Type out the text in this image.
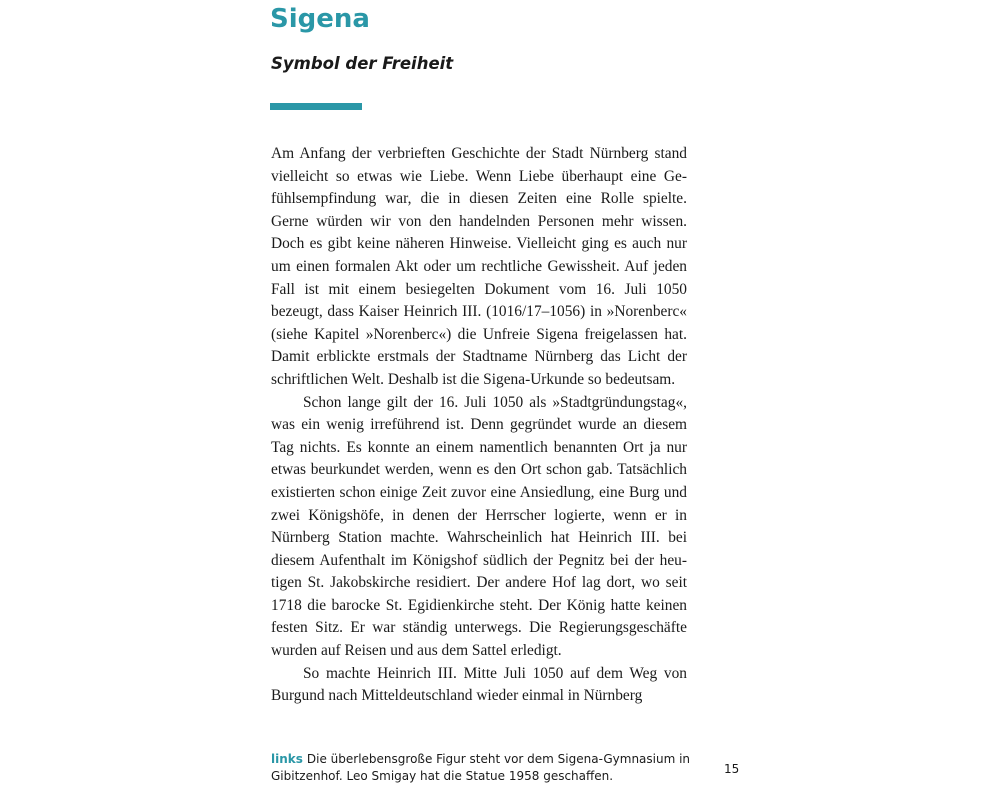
Sigena
Symbol der Freiheit

Am Anfang der verbrieften Geschichte der Stadt Nürnberg stand vielleicht so etwas wie Liebe. Wenn Liebe überhaupt eine Gefühlsempfindung war, die in diesen Zeiten eine Rolle spielte. Gerne würden wir von den handelnden Personen mehr wissen. Doch es gibt keine näheren Hinweise. Vielleicht ging es auch nur um einen formalen Akt oder um rechtliche Gewissheit. Auf jeden Fall ist mit einem besiegelten Dokument vom 16. Juli 1050 bezeugt, dass Kaiser Heinrich III. (1016/17–1056) in »Norenberc« (siehe Kapitel »Norenberc«) die Unfreie Sigena freigelassen hat. Damit erblickte erstmals der Stadtname Nürnberg das Licht der schriftlichen Welt. Deshalb ist die Sigena-Urkunde so bedeutsam.

Schon lange gilt der 16. Juli 1050 als »Stadtgründungstag«, was ein wenig irreführend ist. Denn gegründet wurde an diesem Tag nichts. Es konnte an einem namentlich benannten Ort ja nur etwas beurkundet werden, wenn es den Ort schon gab. Tatsächlich existierten schon einige Zeit zuvor eine Ansiedlung, eine Burg und zwei Königshöfe, in denen der Herrscher logierte, wenn er in Nürnberg Station machte. Wahrscheinlich hat Heinrich III. bei diesem Aufenthalt im Königshof südlich der Pegnitz bei der heutigen St. Jakobskirche residiert. Der andere Hof lag dort, wo seit 1718 die barocke St. Egidienkirche steht. Der König hatte keinen festen Sitz. Er war ständig unterwegs. Die Regierungsgeschäfte wurden auf Reisen und aus dem Sattel erledigt.

So machte Heinrich III. Mitte Juli 1050 auf dem Weg von Burgund nach Mitteldeutschland wieder einmal in Nürnberg

links Die überlebensgroße Figur steht vor dem Sigena-Gymnasium in Gibitzenhof. Leo Smigay hat die Statue 1958 geschaffen.	15
